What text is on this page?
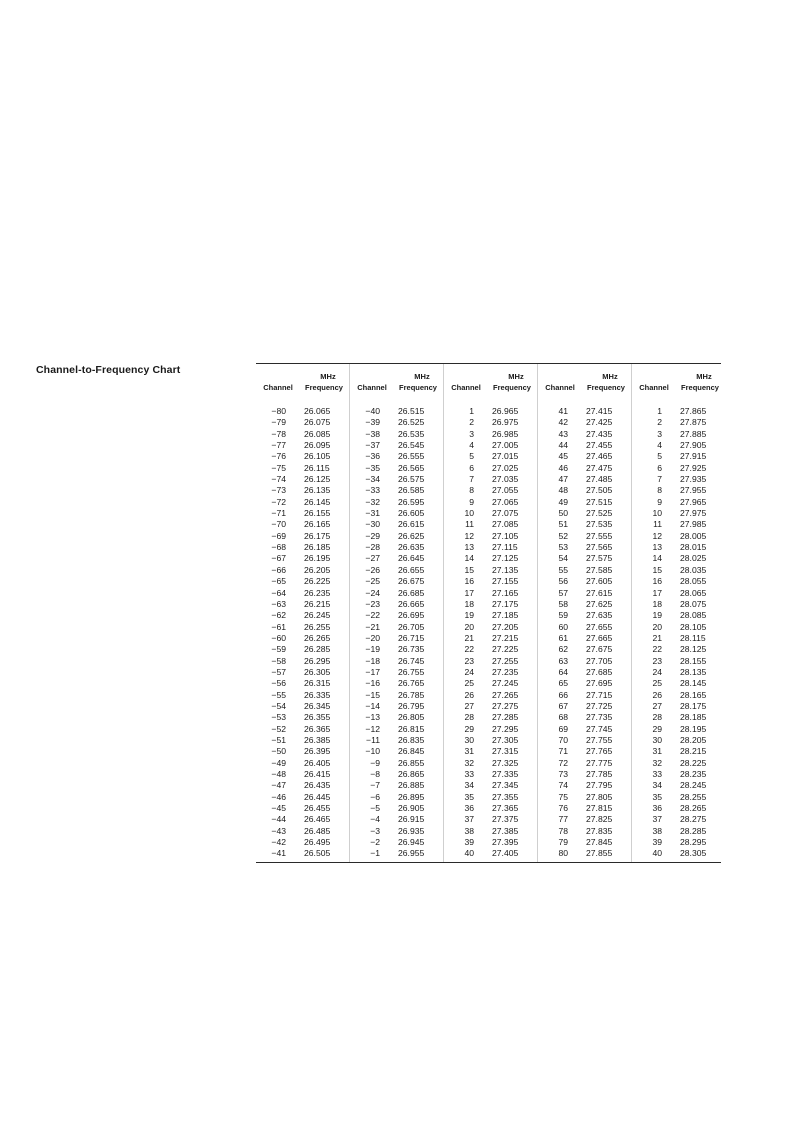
Channel-to-Frequency Chart
MHz
Channel	Frequency
−80 26.065
−79 26.075
−78 26.085
−77 26.095
−76 26.105
−75 26.115
−74 26.125
−73 26.135
−72 26.145
−71 26.155
−70 26.165
−69 26.175
−68 26.185
−67 26.195
−66 26.205
−65 26.225
−64 26.235
−63 26.215
−62 26.245
−61 26.255
−60 26.265
−59 26.285
−58 26.295
−57 26.305
−56 26.315
−55 26.335
−54 26.345
−53 26.355
−52 26.365
−51 26.385
−50 26.395
−49 26.405
−48 26.415
−47 26.435
−46 26.445
−45 26.455
−44 26.465
−43 26.485
−42 26.495
−41 26.505
MHz
Channel	Frequency
−40 26.515
−39 26.525
−38 26.535
−37 26.545
−36 26.555
−35 26.565
−34 26.575
−33 26.585
−32 26.595
−31 26.605
−30 26.615
−29 26.625
−28 26.635
−27 26.645
−26 26.655
−25 26.675
−24 26.685
−23 26.665
−22 26.695
−21 26.705
−20 26.715
−19 26.735
−18 26.745
−17 26.755
−16 26.765
−15 26.785
−14 26.795
−13 26.805
−12 26.815
−11 26.835
−10 26.845
−9 26.855
−8 26.865
−7 26.885
−6 26.895
−5 26.905
−4 26.915
−3 26.935
−2 26.945
−1 26.955
MHz
Channel	Frequency
1 26.965
2 26.975
3 26.985
4 27.005
5 27.015
6 27.025
7 27.035
8 27.055
9 27.065
10 27.075
11 27.085
12 27.105
13 27.115
14 27.125
15 27.135
16 27.155
17 27.165
18 27.175
19 27.185
20 27.205
21 27.215
22 27.225
23 27.255
24 27.235
25 27.245
26 27.265
27 27.275
28 27.285
29 27.295
30 27.305
31 27.315
32 27.325
33 27.335
34 27.345
35 27.355
36 27.365
37 27.375
38 27.385
39 27.395
40 27.405
MHz
Channel	Frequency
41 27.415
42 27.425
43 27.435
44 27.455
45 27.465
46 27.475
47 27.485
48 27.505
49 27.515
50 27.525
51 27.535
52 27.555
53 27.565
54 27.575
55 27.585
56 27.605
57 27.615
58 27.625
59 27.635
60 27.655
61 27.665
62 27.675
63 27.705
64 27.685
65 27.695
66 27.715
67 27.725
68 27.735
69 27.745
70 27.755
71 27.765
72 27.775
73 27.785
74 27.795
75 27.805
76 27.815
77 27.825
78 27.835
79 27.845
80 27.855
MHz
Channel	Frequency
1 27.865
2 27.875
3 27.885
4 27.905
5 27.915
6 27.925
7 27.935
8 27.955
9 27.965
10 27.975
11 27.985
12 28.005
13 28.015
14 28.025
15 28.035
16 28.055
17 28.065
18 28.075
19 28.085
20 28.105
21 28.115
22 28.125
23 28.155
24 28.135
25 28.145
26 28.165
27 28.175
28 28.185
29 28.195
30 28.205
31 28.215
32 28.225
33 28.235
34 28.245
35 28.255
36 28.265
37 28.275
38 28.285
39 28.295
40 28.305
